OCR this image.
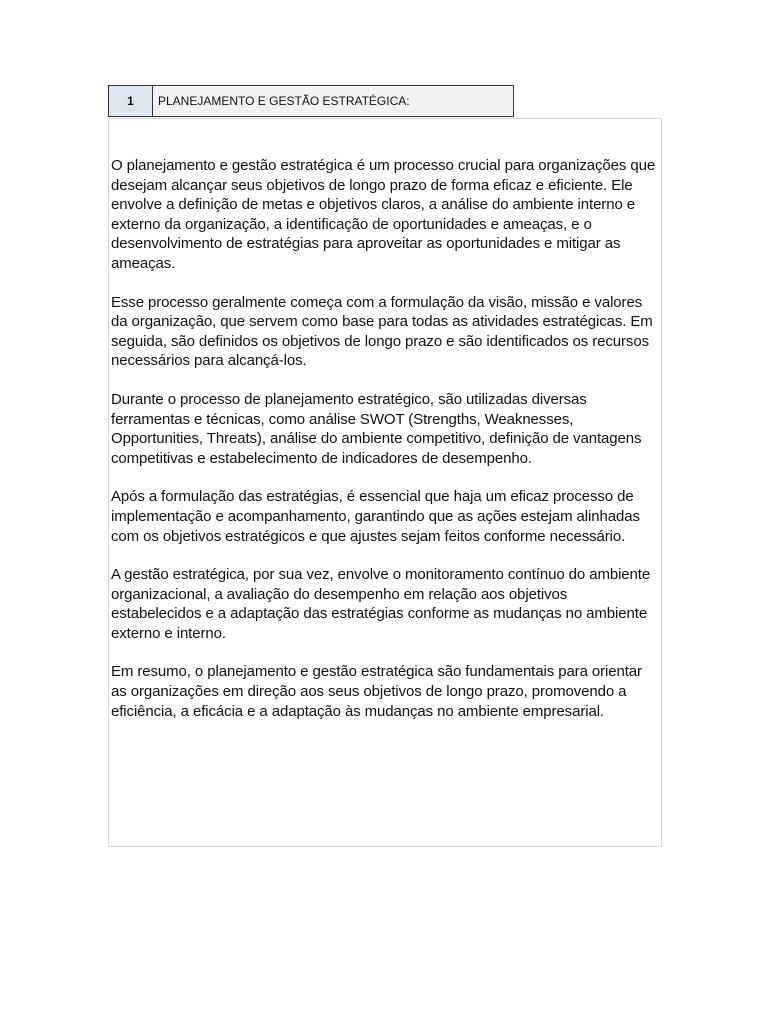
1	PLANEJAMENTO E GESTÃO ESTRATÉGICA:

O planejamento e gestão estratégica é um processo crucial para organizações que desejam alcançar seus objetivos de longo prazo de forma eficaz e eficiente. Ele envolve a definição de metas e objetivos claros, a análise do ambiente interno e externo da organização, a identificação de oportunidades e ameaças, e o desenvolvimento de estratégias para aproveitar as oportunidades e mitigar as ameaças.

Esse processo geralmente começa com a formulação da visão, missão e valores da organização, que servem como base para todas as atividades estratégicas. Em seguida, são definidos os objetivos de longo prazo e são identificados os recursos necessários para alcançá-los.

Durante o processo de planejamento estratégico, são utilizadas diversas ferramentas e técnicas, como análise SWOT (Strengths, Weaknesses, Opportunities, Threats), análise do ambiente competitivo, definição de vantagens competitivas e estabelecimento de indicadores de desempenho.

Após a formulação das estratégias, é essencial que haja um eficaz processo de implementação e acompanhamento, garantindo que as ações estejam alinhadas com os objetivos estratégicos e que ajustes sejam feitos conforme necessário.

A gestão estratégica, por sua vez, envolve o monitoramento contínuo do ambiente organizacional, a avaliação do desempenho em relação aos objetivos estabelecidos e a adaptação das estratégias conforme as mudanças no ambiente externo e interno.

Em resumo, o planejamento e gestão estratégica são fundamentais para orientar as organizações em direção aos seus objetivos de longo prazo, promovendo a eficiência, a eficácia e a adaptação às mudanças no ambiente empresarial.
